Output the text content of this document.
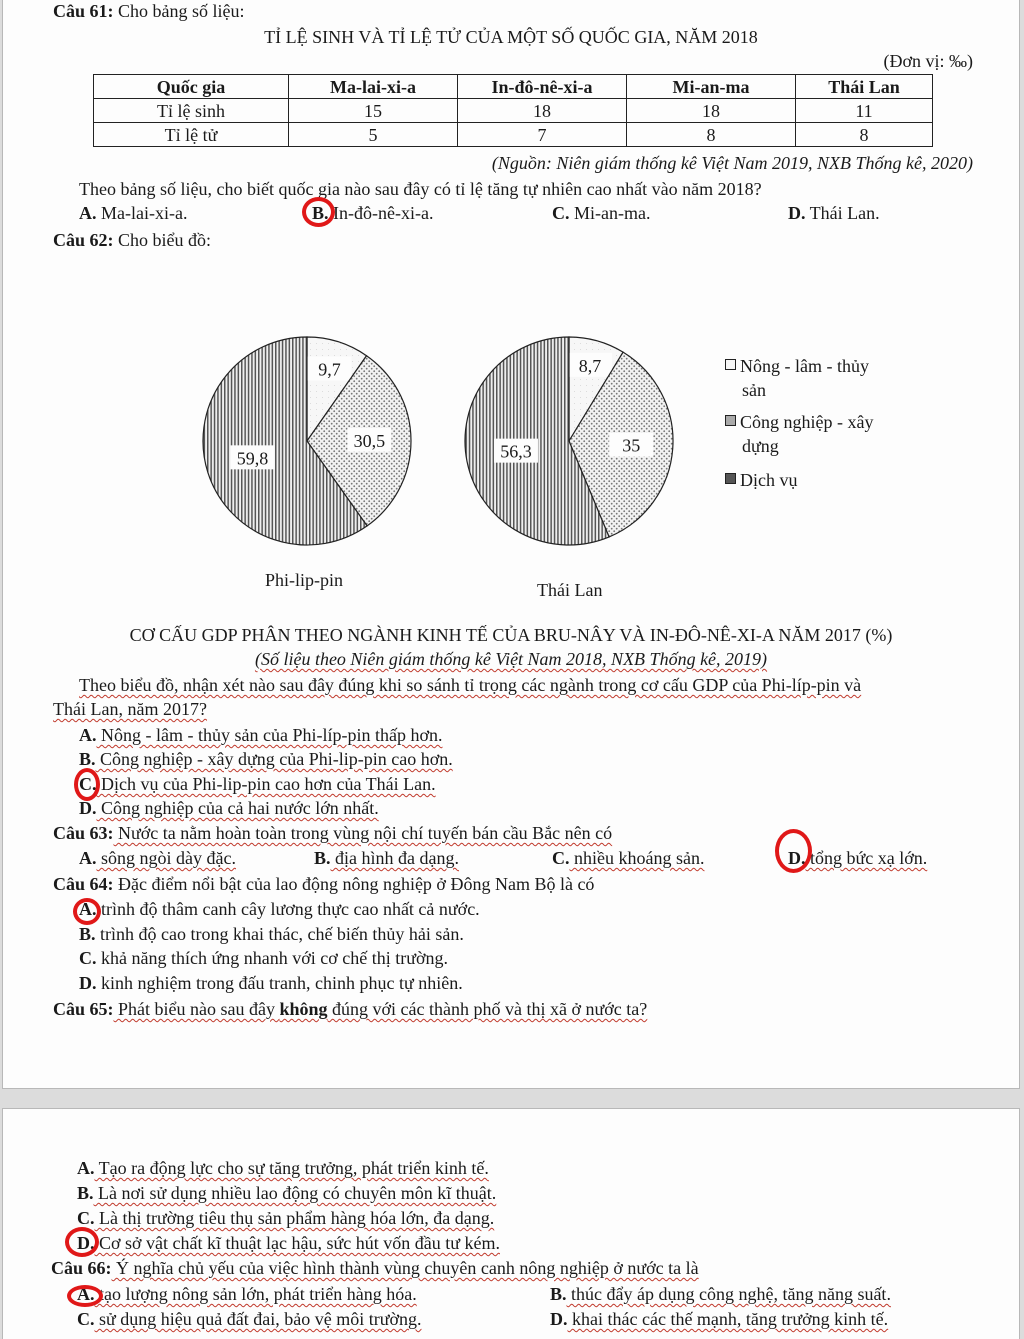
Câu 61: Cho bảng số liệu:
TỈ LỆ SINH VÀ TỈ LỆ TỬ CỦA MỘT SỐ QUỐC GIA, NĂM 2018
(Đơn vị: ‰)
Quốc gia	Ma-lai-xi-a	In-đô-nê-xi-a	Mi-an-ma	Thái Lan
Tỉ lệ sinh	15	18	18	11
Tỉ lệ tử	5	7	8	8
(Nguồn: Niên giám thống kê Việt Nam 2019, NXB Thống kê, 2020)
Theo bảng số liệu, cho biết quốc gia nào sau đây có tỉ lệ tăng tự nhiên cao nhất vào năm 2018?
A. Ma-lai-xi-a.	B. In-đô-nê-xi-a.	C. Mi-an-ma.	D. Thái Lan.
Câu 62: Cho biểu đồ:
9,7
30,5
59,8
8,7
35
56,3
Phi-lip-pin	Thái Lan
Nông - lâm - thủy
sản
Công nghiệp - xây
dựng
Dịch vụ
CƠ CẤU GDP PHÂN THEO NGÀNH KINH TẾ CỦA BRU-NÂY VÀ IN-ĐÔ-NÊ-XI-A NĂM 2017 (%)
(Số liệu theo Niên giám thống kê Việt Nam 2018, NXB Thống kê, 2019)
Theo biểu đồ, nhận xét nào sau đây đúng khi so sánh tỉ trọng các ngành trong cơ cấu GDP của Phi-líp-pin và
Thái Lan, năm 2017?
A. Nông - lâm - thủy sản của Phi-líp-pin thấp hơn.
B. Công nghiệp - xây dựng của Phi-lip-pin cao hơn.
C. Dịch vụ của Phi-lip-pin cao hơn của Thái Lan.
D. Công nghiệp của cả hai nước lớn nhất.
Câu 63: Nước ta nằm hoàn toàn trong vùng nội chí tuyến bán cầu Bắc nên có
A. sông ngòi dày đặc.	B. địa hình đa dạng.	C. nhiều khoáng sản.	D. tổng bức xạ lớn.
Câu 64: Đặc điểm nổi bật của lao động nông nghiệp ở Đông Nam Bộ là có
A. trình độ thâm canh cây lương thực cao nhất cả nước.
B. trình độ cao trong khai thác, chế biến thủy hải sản.
C. khả năng thích ứng nhanh với cơ chế thị trường.
D. kinh nghiệm trong đấu tranh, chinh phục tự nhiên.
Câu 65: Phát biểu nào sau đây không đúng với các thành phố và thị xã ở nước ta?
A. Tạo ra động lực cho sự tăng trưởng, phát triển kinh tế.
B. Là nơi sử dụng nhiều lao động có chuyên môn kĩ thuật.
C. Là thị trường tiêu thụ sản phẩm hàng hóa lớn, đa dạng.
D. Cơ sở vật chất kĩ thuật lạc hậu, sức hút vốn đầu tư kém.
Câu 66: Ý nghĩa chủ yếu của việc hình thành vùng chuyên canh nông nghiệp ở nước ta là
A. tạo lượng nông sản lớn, phát triển hàng hóa.	B. thúc đẩy áp dụng công nghệ, tăng năng suất.
C. sử dụng hiệu quả đất đai, bảo vệ môi trường.	D. khai thác các thế mạnh, tăng trưởng kinh tế.
